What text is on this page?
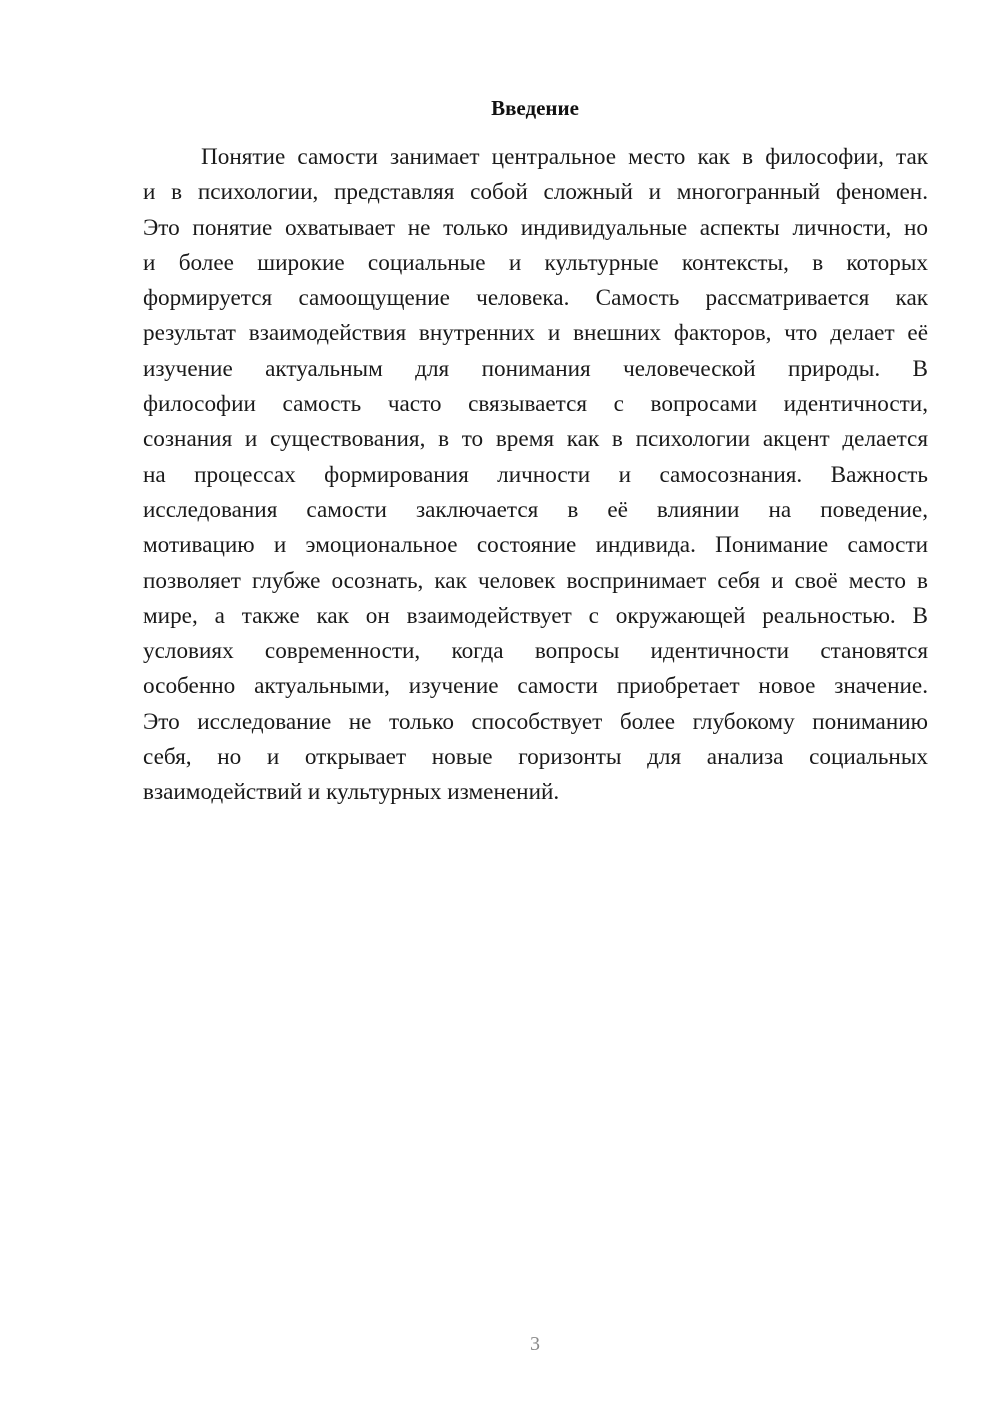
Введение
Понятие самости занимает центральное место как в философии, так
и в психологии, представляя собой сложный и многогранный феномен.
Это понятие охватывает не только индивидуальные аспекты личности, но
и более широкие социальные и культурные контексты, в которых
формируется самоощущение человека. Самость рассматривается как
результат взаимодействия внутренних и внешних факторов, что делает её
изучение актуальным для понимания человеческой природы. В
философии самость часто связывается с вопросами идентичности,
сознания и существования, в то время как в психологии акцент делается
на процессах формирования личности и самосознания. Важность
исследования самости заключается в её влиянии на поведение,
мотивацию и эмоциональное состояние индивида. Понимание самости
позволяет глубже осознать, как человек воспринимает себя и своё место в
мире, а также как он взаимодействует с окружающей реальностью. В
условиях современности, когда вопросы идентичности становятся
особенно актуальными, изучение самости приобретает новое значение.
Это исследование не только способствует более глубокому пониманию
себя, но и открывает новые горизонты для анализа социальных
взаимодействий и культурных изменений.
3
